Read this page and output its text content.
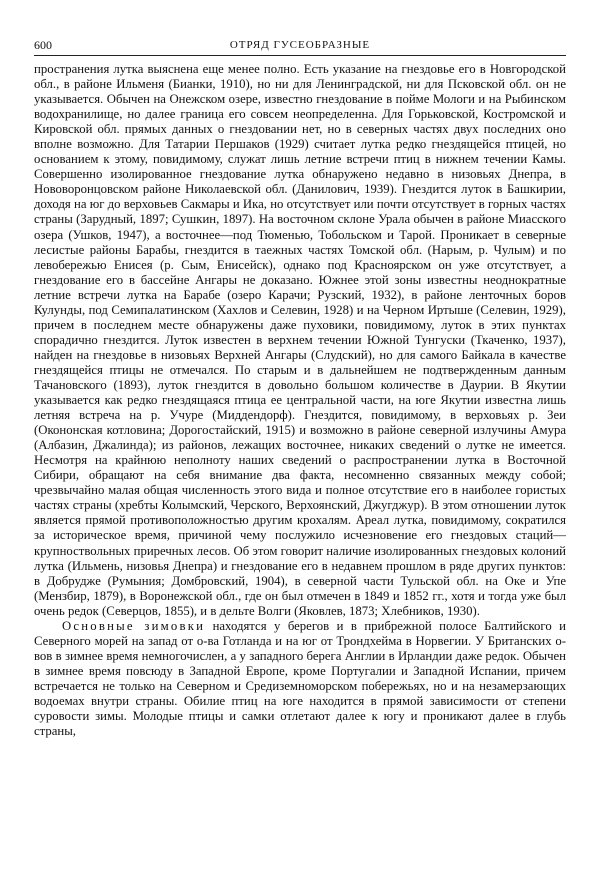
600	ОТРЯД ГУСЕОБРАЗНЫЕ

пространения лутка выяснена еще менее полно. Есть указание на гнездовье его в Новгородской обл., в районе Ильменя (Бианки, 1910), но ни для Ленинградской, ни для Псковской обл. он не указывается. Обычен на Онежском озере, известно гнездование в пойме Мологи и на Рыбинском водохранилище, но далее граница его совсем неопределенна. Для Горьковской, Костромской и Кировской обл. прямых данных о гнездовании нет, но в северных частях двух последних оно вполне возможно. Для Татарии Першаков (1929) считает лутка редко гнездящейся птицей, но основанием к этому, повидимому, служат лишь летние встречи птиц в нижнем течении Камы. Совершенно изолированное гнездование лутка обнаружено недавно в низовьях Днепра, в Нововоронцовском районе Николаевской обл. (Данилович, 1939). Гнездится луток в Башкирии, доходя на юг до верховьев Сакмары и Ика, но отсутствует или почти отсутствует в горных частях страны (Зарудный, 1897; Сушкин, 1897). На восточном склоне Урала обычен в районе Миасского озера (Ушков, 1947), а восточнее—под Тюменью, Тобольском и Тарой. Проникает в северные лесистые районы Барабы, гнездится в таежных частях Томской обл. (Нарым, р. Чулым) и по левобережью Енисея (р. Сым, Енисейск), однако под Красноярском он уже отсутствует, а гнездование его в бассейне Ангары не доказано. Южнее этой зоны известны неоднократные летние встречи лутка на Барабе (озеро Карачи; Рузский, 1932), в районе ленточных боров Кулунды, под Семипалатинском (Хахлов и Селевин, 1928) и на Черном Иртыше (Селевин, 1929), причем в последнем месте обнаружены даже пуховики, повидимому, луток в этих пунктах спорадично гнездится. Луток известен в верхнем течении Южной Тунгуски (Ткаченко, 1937), найден на гнездовье в низовьях Верхней Ангары (Слудский), но для самого Байкала в качестве гнездящейся птицы не отмечался. По старым и в дальнейшем не подтвержденным данным Тачановского (1893), луток гнездится в довольно большом количестве в Даурии. В Якутии указывается как редко гнездящаяся птица ее центральной части, на юге Якутии известна лишь летняя встреча на р. Учуре (Миддендорф). Гнездится, повидимому, в верховьях р. Зеи (Окононская котловина; Дорогостайский, 1915) и возможно в районе северной излучины Амура (Албазин, Джалинда); из районов, лежащих восточнее, никаких сведений о лутке не имеется. Несмотря на крайнюю неполноту наших сведений о распространении лутка в Восточной Сибири, обращают на себя внимание два факта, несомненно связанных между собой; чрезвычайно малая общая численность этого вида и полное отсутствие его в наиболее гористых частях страны (хребты Колымский, Черского, Верхоянский, Джугджур). В этом отношении луток является прямой противоположностью другим крохалям. Ареал лутка, повидимому, сократился за историческое время, причиной чему послужило исчезновение его гнездовых стаций—крупноствольных приречных лесов. Об этом говорит наличие изолированных гнездовых колоний лутка (Ильмень, низовья Днепра) и гнездование его в недавнем прошлом в ряде других пунктов: в Добрудже (Румыния; Домбровский, 1904), в северной части Тульской обл. на Оке и Упе (Мензбир, 1879), в Воронежской обл., где он был отмечен в 1849 и 1852 гг., хотя и тогда уже был очень редок (Северцов, 1855), и в дельте Волги (Яковлев, 1873; Хлебников, 1930).

Основные зимовки находятся у берегов и в прибрежной полосе Балтийского и Северного морей на запад от о-ва Готланда и на юг от Трондхейма в Норвегии. У Британских о-вов в зимнее время немногочислен, а у западного берега Англии в Ирландии даже редок. Обычен в зимнее время повсюду в Западной Европе, кроме Португалии и Западной Испании, причем встречается не только на Северном и Средиземноморском побережьях, но и на незамерзающих водоемах внутри страны. Обилие птиц на юге находится в прямой зависимости от степени суровости зимы. Молодые птицы и самки отлетают далее к югу и проникают далее в глубь страны,
